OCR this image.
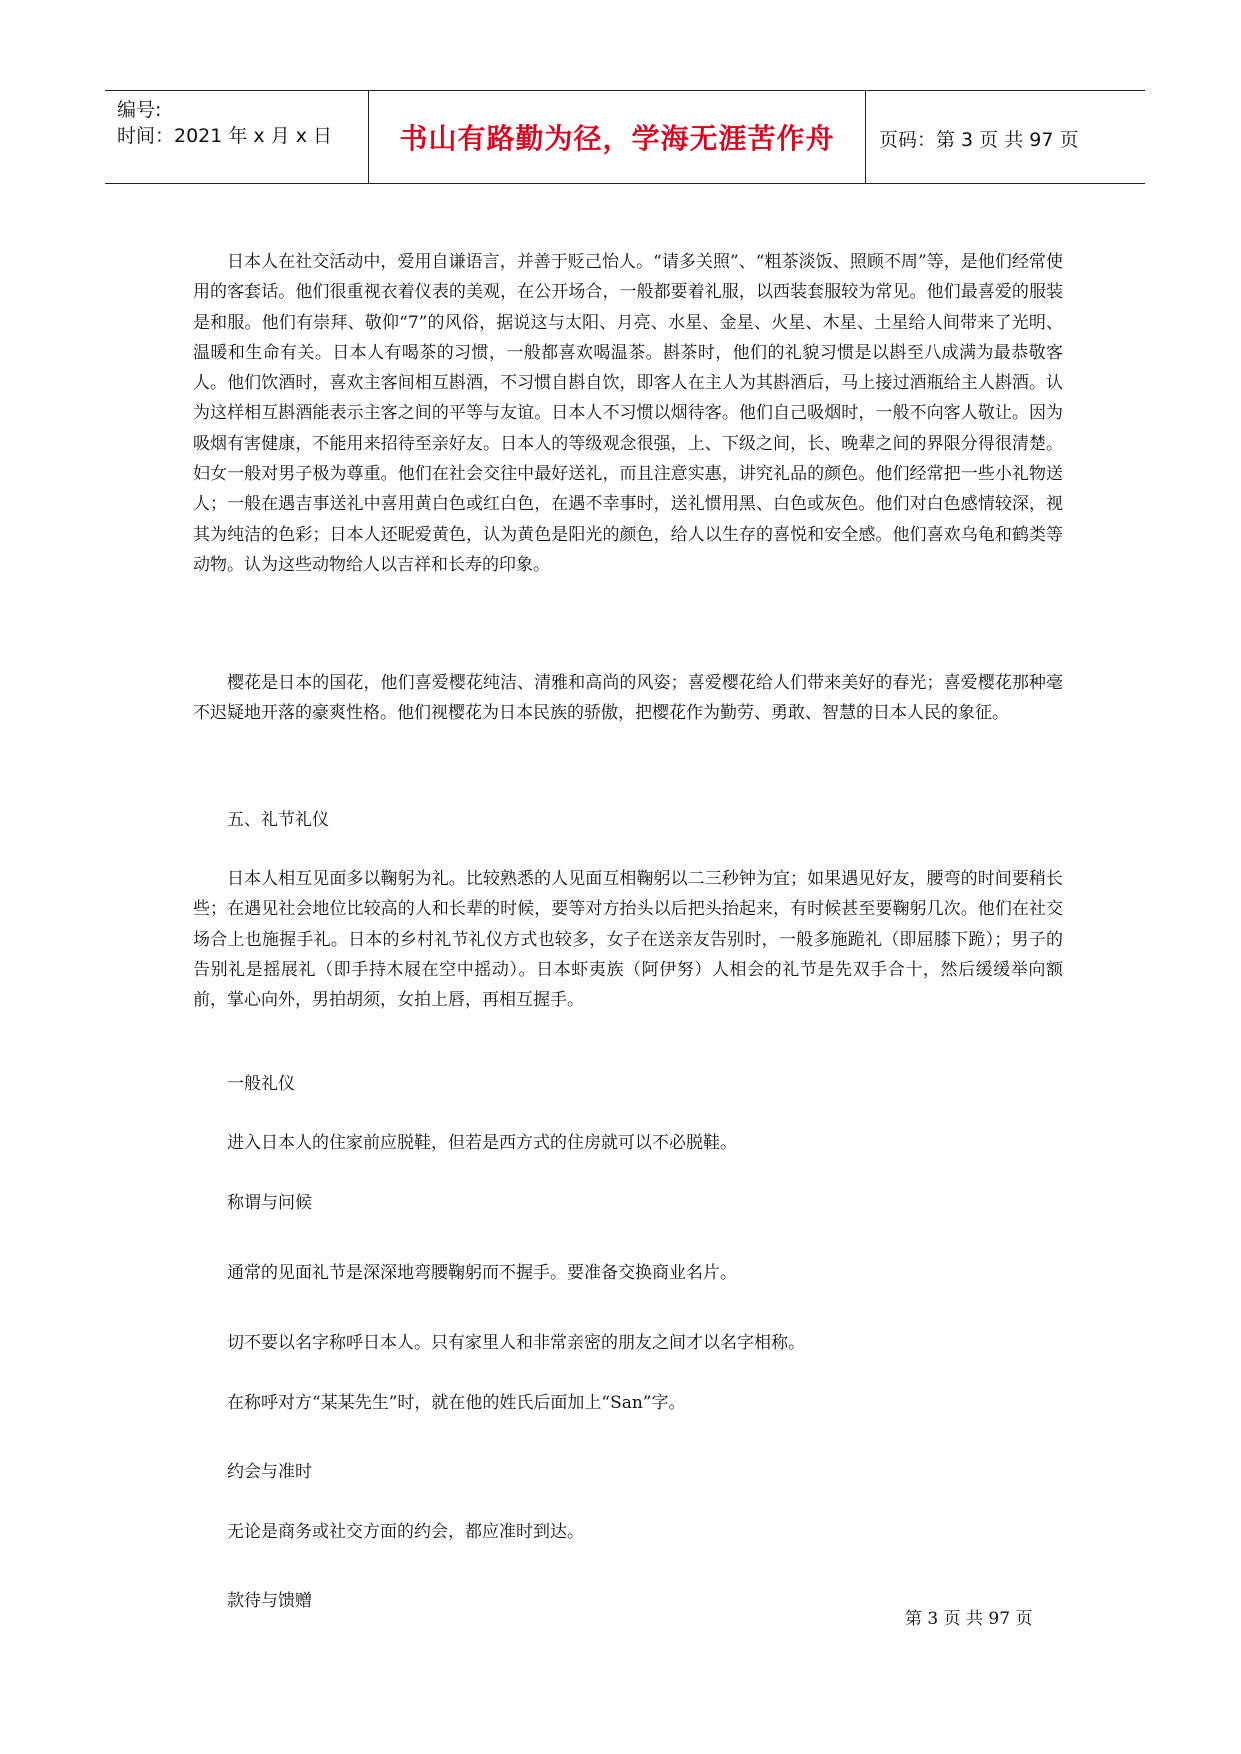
编号:
时间：2021 年 x 月 x 日	书山有路勤为径，学海无涯苦作舟	页码：第 3 页 共 97 页

日本人在社交活动中，爱用自谦语言，并善于贬己怡人。“请多关照”、“粗茶淡饭、照顾不周”等，是他们经常使用的客套话。他们很重视衣着仪表的美观，在公开场合，一般都要着礼服，以西装套服较为常见。他们最喜爱的服装是和服。他们有崇拜、敬仰“7”的风俗，据说这与太阳、月亮、水星、金星、火星、木星、土星给人间带来了光明、温暖和生命有关。日本人有喝茶的习惯，一般都喜欢喝温茶。斟茶时，他们的礼貌习惯是以斟至八成满为最恭敬客人。他们饮酒时，喜欢主客间相互斟酒，不习惯自斟自饮，即客人在主人为其斟酒后，马上接过酒瓶给主人斟酒。认为这样相互斟酒能表示主客之间的平等与友谊。日本人不习惯以烟待客。他们自己吸烟时，一般不向客人敬让。因为吸烟有害健康，不能用来招待至亲好友。日本人的等级观念很强，上、下级之间，长、晚辈之间的界限分得很清楚。妇女一般对男子极为尊重。他们在社会交往中最好送礼，而且注意实惠，讲究礼品的颜色。他们经常把一些小礼物送人；一般在遇吉事送礼中喜用黄白色或红白色，在遇不幸事时，送礼惯用黑、白色或灰色。他们对白色感情较深，视其为纯洁的色彩；日本人还昵爱黄色，认为黄色是阳光的颜色，给人以生存的喜悦和安全感。他们喜欢乌龟和鹤类等动物。认为这些动物给人以吉祥和长寿的印象。

樱花是日本的国花，他们喜爱樱花纯洁、清雅和高尚的风姿；喜爱樱花给人们带来美好的春光；喜爱樱花那种毫不迟疑地开落的豪爽性格。他们视樱花为日本民族的骄傲，把樱花作为勤劳、勇敢、智慧的日本人民的象征。

五、礼节礼仪

日本人相互见面多以鞠躬为礼。比较熟悉的人见面互相鞠躬以二三秒钟为宜；如果遇见好友，腰弯的时间要稍长些；在遇见社会地位比较高的人和长辈的时候，要等对方抬头以后把头抬起来，有时候甚至要鞠躬几次。他们在社交场合上也施握手礼。日本的乡村礼节礼仪方式也较多，女子在送亲友告别时，一般多施跪礼（即屈膝下跪）；男子的告别礼是摇展礼（即手持木屐在空中摇动）。日本虾夷族（阿伊努）人相会的礼节是先双手合十，然后缓缓举向额前，掌心向外，男拍胡须，女拍上唇，再相互握手。

一般礼仪
进入日本人的住家前应脱鞋，但若是西方式的住房就可以不必脱鞋。
称谓与问候
通常的见面礼节是深深地弯腰鞠躬而不握手。要准备交换商业名片。
切不要以名字称呼日本人。只有家里人和非常亲密的朋友之间才以名字相称。
在称呼对方“某某先生”时，就在他的姓氏后面加上“San”字。
约会与准时
无论是商务或社交方面的约会，都应准时到达。
款待与馈赠
第 3 页 共 97 页
